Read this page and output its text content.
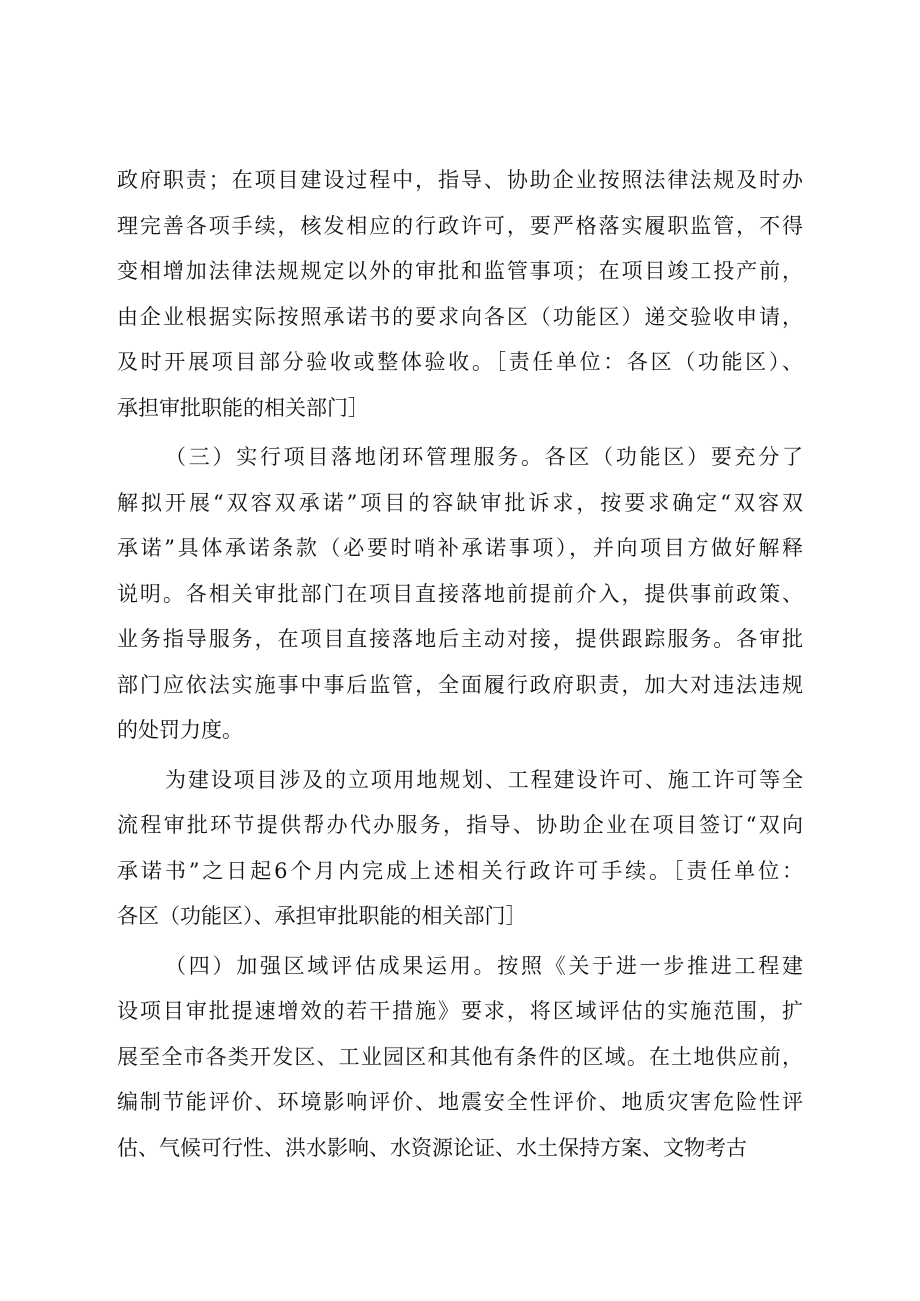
政府职责；在项目建设过程中，指导、协助企业按照法律法规及时办
理完善各项手续，核发相应的行政许可，要严格落实履职监管，不得
变相增加法律法规规定以外的审批和监管事项；在项目竣工投产前，
由企业根据实际按照承诺书的要求向各区（功能区）递交验收申请，
及时开展项目部分验收或整体验收。［责任单位：各区（功能区）、
承担审批职能的相关部门］
（三）实行项目落地闭环管理服务。各区（功能区）要充分了
解拟开展“双容双承诺”项目的容缺审批诉求，按要求确定“双容双
承诺”具体承诺条款（必要时哨补承诺事项），并向项目方做好解释
说明。各相关审批部门在项目直接落地前提前介入，提供事前政策、
业务指导服务，在项目直接落地后主动对接，提供跟踪服务。各审批
部门应依法实施事中事后监管，全面履行政府职责，加大对违法违规
的处罚力度。
为建设项目涉及的立项用地规划、工程建设许可、施工许可等全
流程审批环节提供帮办代办服务，指导、协助企业在项目签订“双向
承诺书”之日起6个月内完成上述相关行政许可手续。［责任单位：
各区（功能区）、承担审批职能的相关部门］
（四）加强区域评估成果运用。按照《关于进一步推进工程建
设项目审批提速增效的若干措施》要求，将区域评估的实施范围，扩
展至全市各类开发区、工业园区和其他有条件的区域。在土地供应前，
编制节能评价、环境影响评价、地震安全性评价、地质灾害危险性评
估、气候可行性、洪水影响、水资源论证、水土保持方案、文物考古
